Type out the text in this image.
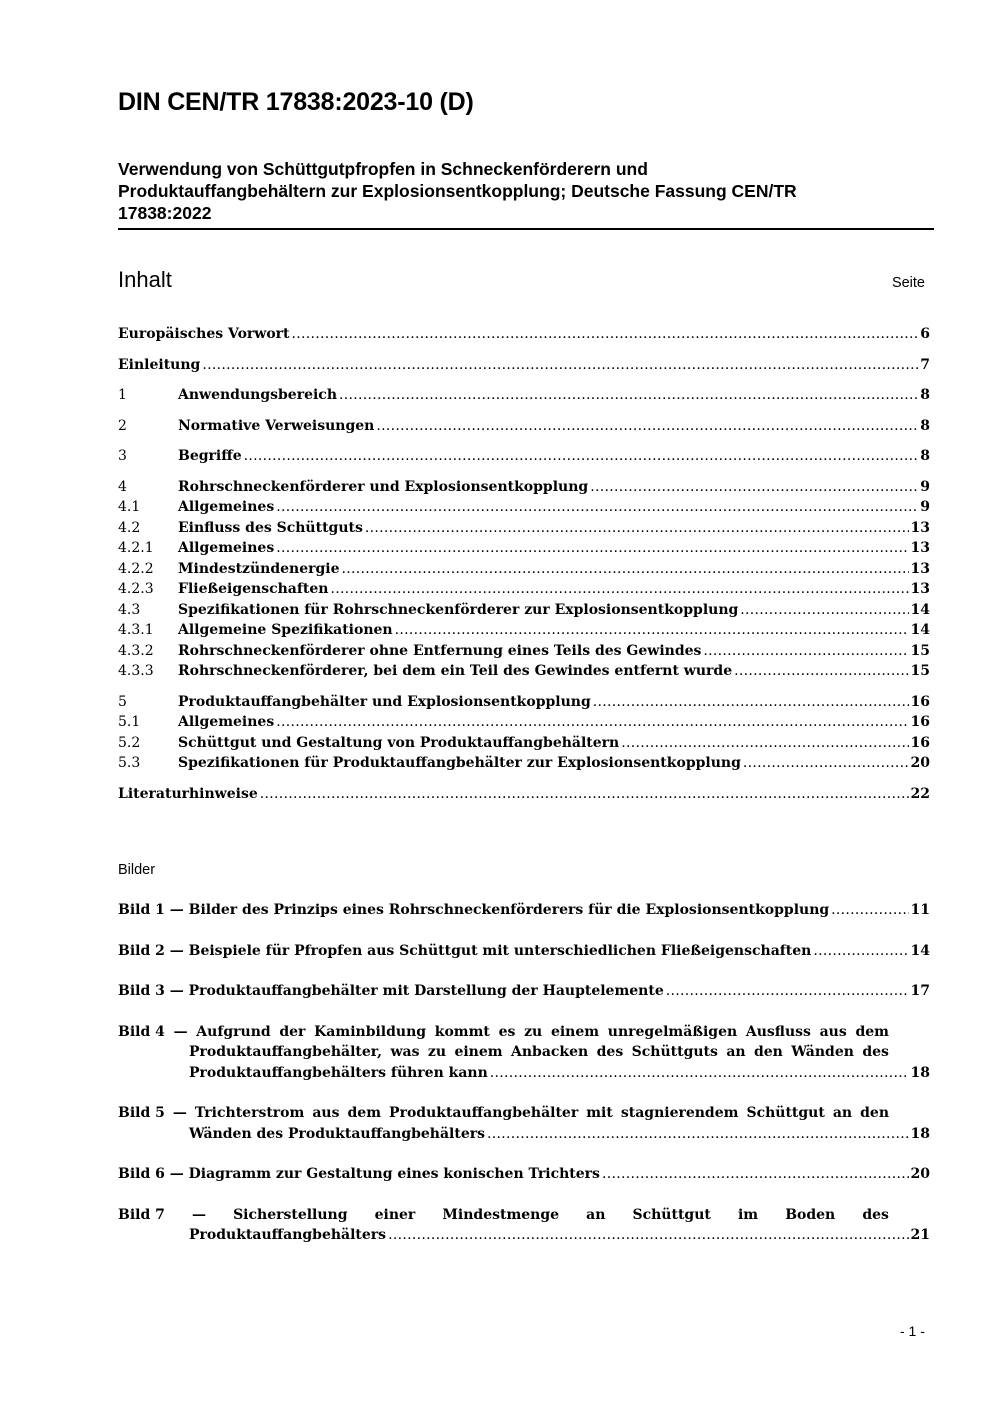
DIN CEN/TR 17838:2023-10 (D)
Verwendung von Schüttgutpfropfen in Schneckenförderern und
Produktauffangbehältern zur Explosionsentkopplung; Deutsche Fassung CEN/TR
17838:2022
Inhalt	Seite
Europäisches Vorwort .....	6
Einleitung .....	7
1	Anwendungsbereich .....	8
2	Normative Verweisungen .....	8
3	Begriffe .....	8
4	Rohrschneckenförderer und Explosionsentkopplung .....	9
4.1	Allgemeines .....	9
4.2	Einfluss des Schüttguts .....	13
4.2.1	Allgemeines .....	13
4.2.2	Mindestzündenergie .....	13
4.2.3	Fließeigenschaften .....	13
4.3	Spezifikationen für Rohrschneckenförderer zur Explosionsentkopplung .....	14
4.3.1	Allgemeine Spezifikationen .....	14
4.3.2	Rohrschneckenförderer ohne Entfernung eines Teils des Gewindes .....	15
4.3.3	Rohrschneckenförderer, bei dem ein Teil des Gewindes entfernt wurde .....	15
5	Produktauffangbehälter und Explosionsentkopplung .....	16
5.1	Allgemeines .....	16
5.2	Schüttgut und Gestaltung von Produktauffangbehältern .....	16
5.3	Spezifikationen für Produktauffangbehälter zur Explosionsentkopplung .....	20
Literaturhinweise .....	22
Bilder
Bild 1 — Bilder des Prinzips eines Rohrschneckenförderers für die Explosionsentkopplung .....	11
Bild 2 — Beispiele für Pfropfen aus Schüttgut mit unterschiedlichen Fließeigenschaften .....	14
Bild 3 — Produktauffangbehälter mit Darstellung der Hauptelemente .....	17
Bild 4 — Aufgrund der Kaminbildung kommt es zu einem unregelmäßigen Ausfluss aus dem
Produktauffangbehälter, was zu einem Anbacken des Schüttguts an den Wänden des
Produktauffangbehälters führen kann .....	18
Bild 5 — Trichterstrom aus dem Produktauffangbehälter mit stagnierendem Schüttgut an den
Wänden des Produktauffangbehälters .....	18
Bild 6 — Diagramm zur Gestaltung eines konischen Trichters .....	20
Bild 7 — Sicherstellung einer Mindestmenge an Schüttgut im Boden des
Produktauffangbehälters .....	21
- 1 -
